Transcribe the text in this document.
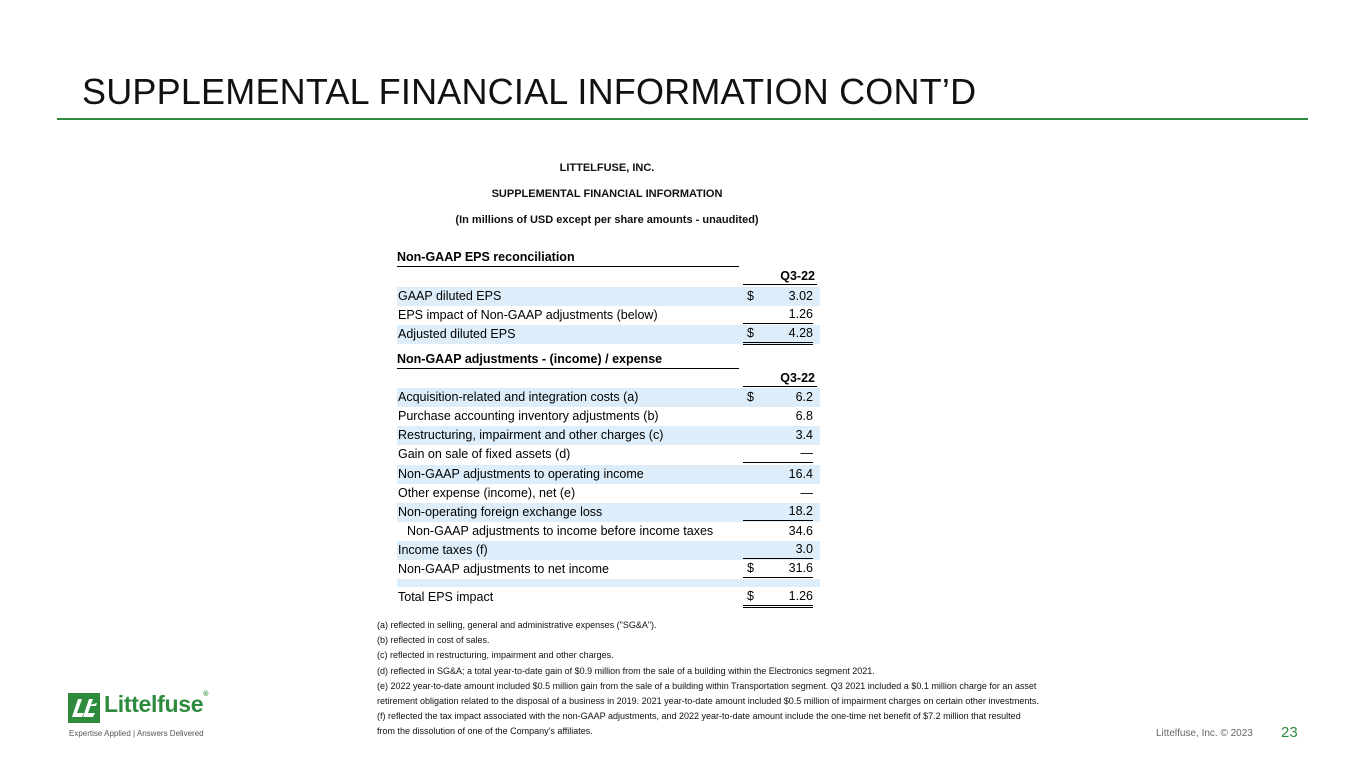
SUPPLEMENTAL FINANCIAL INFORMATION CONT’D
LITTELFUSE, INC.
SUPPLEMENTAL FINANCIAL INFORMATION
(In millions of USD except per share amounts - unaudited)
Non-GAAP EPS reconciliation
Q3-22
GAAP diluted EPS	$	3.02
EPS impact of Non-GAAP adjustments (below)	1.26
Adjusted diluted EPS	$	4.28
Non-GAAP adjustments - (income) / expense
Q3-22
Acquisition-related and integration costs (a)	$	6.2
Purchase accounting inventory adjustments (b)	6.8
Restructuring, impairment and other charges (c)	3.4
Gain on sale of fixed assets (d)	—
Non-GAAP adjustments to operating income	16.4
Other expense (income), net (e)	—
Non-operating foreign exchange loss	18.2
Non-GAAP adjustments to income before income taxes	34.6
Income taxes (f)	3.0
Non-GAAP adjustments to net income	$	31.6
Total EPS impact	$	1.26
(a) reflected in selling, general and administrative expenses ("SG&A").
(b) reflected in cost of sales.
(c) reflected in restructuring, impairment and other charges.
(d) reflected in SG&A; a total year-to-date gain of $0.9 million from the sale of a building within the Electronics segment 2021.
(e) 2022 year-to-date amount included $0.5 million gain from the sale of a building within Transportation segment. Q3 2021 included a $0.1 million charge for an asset
retirement obligation related to the disposal of a business in 2019. 2021 year-to-date amount included $0.5 million of impairment charges on certain other investments.
(f) reflected the tax impact associated with the non-GAAP adjustments, and 2022 year-to-date amount include the one-time net benefit of $7.2 million that resulted
from the dissolution of one of the Company’s affiliates.
Littelfuse®
Expertise Applied | Answers Delivered	Littelfuse, Inc. © 2023 23
